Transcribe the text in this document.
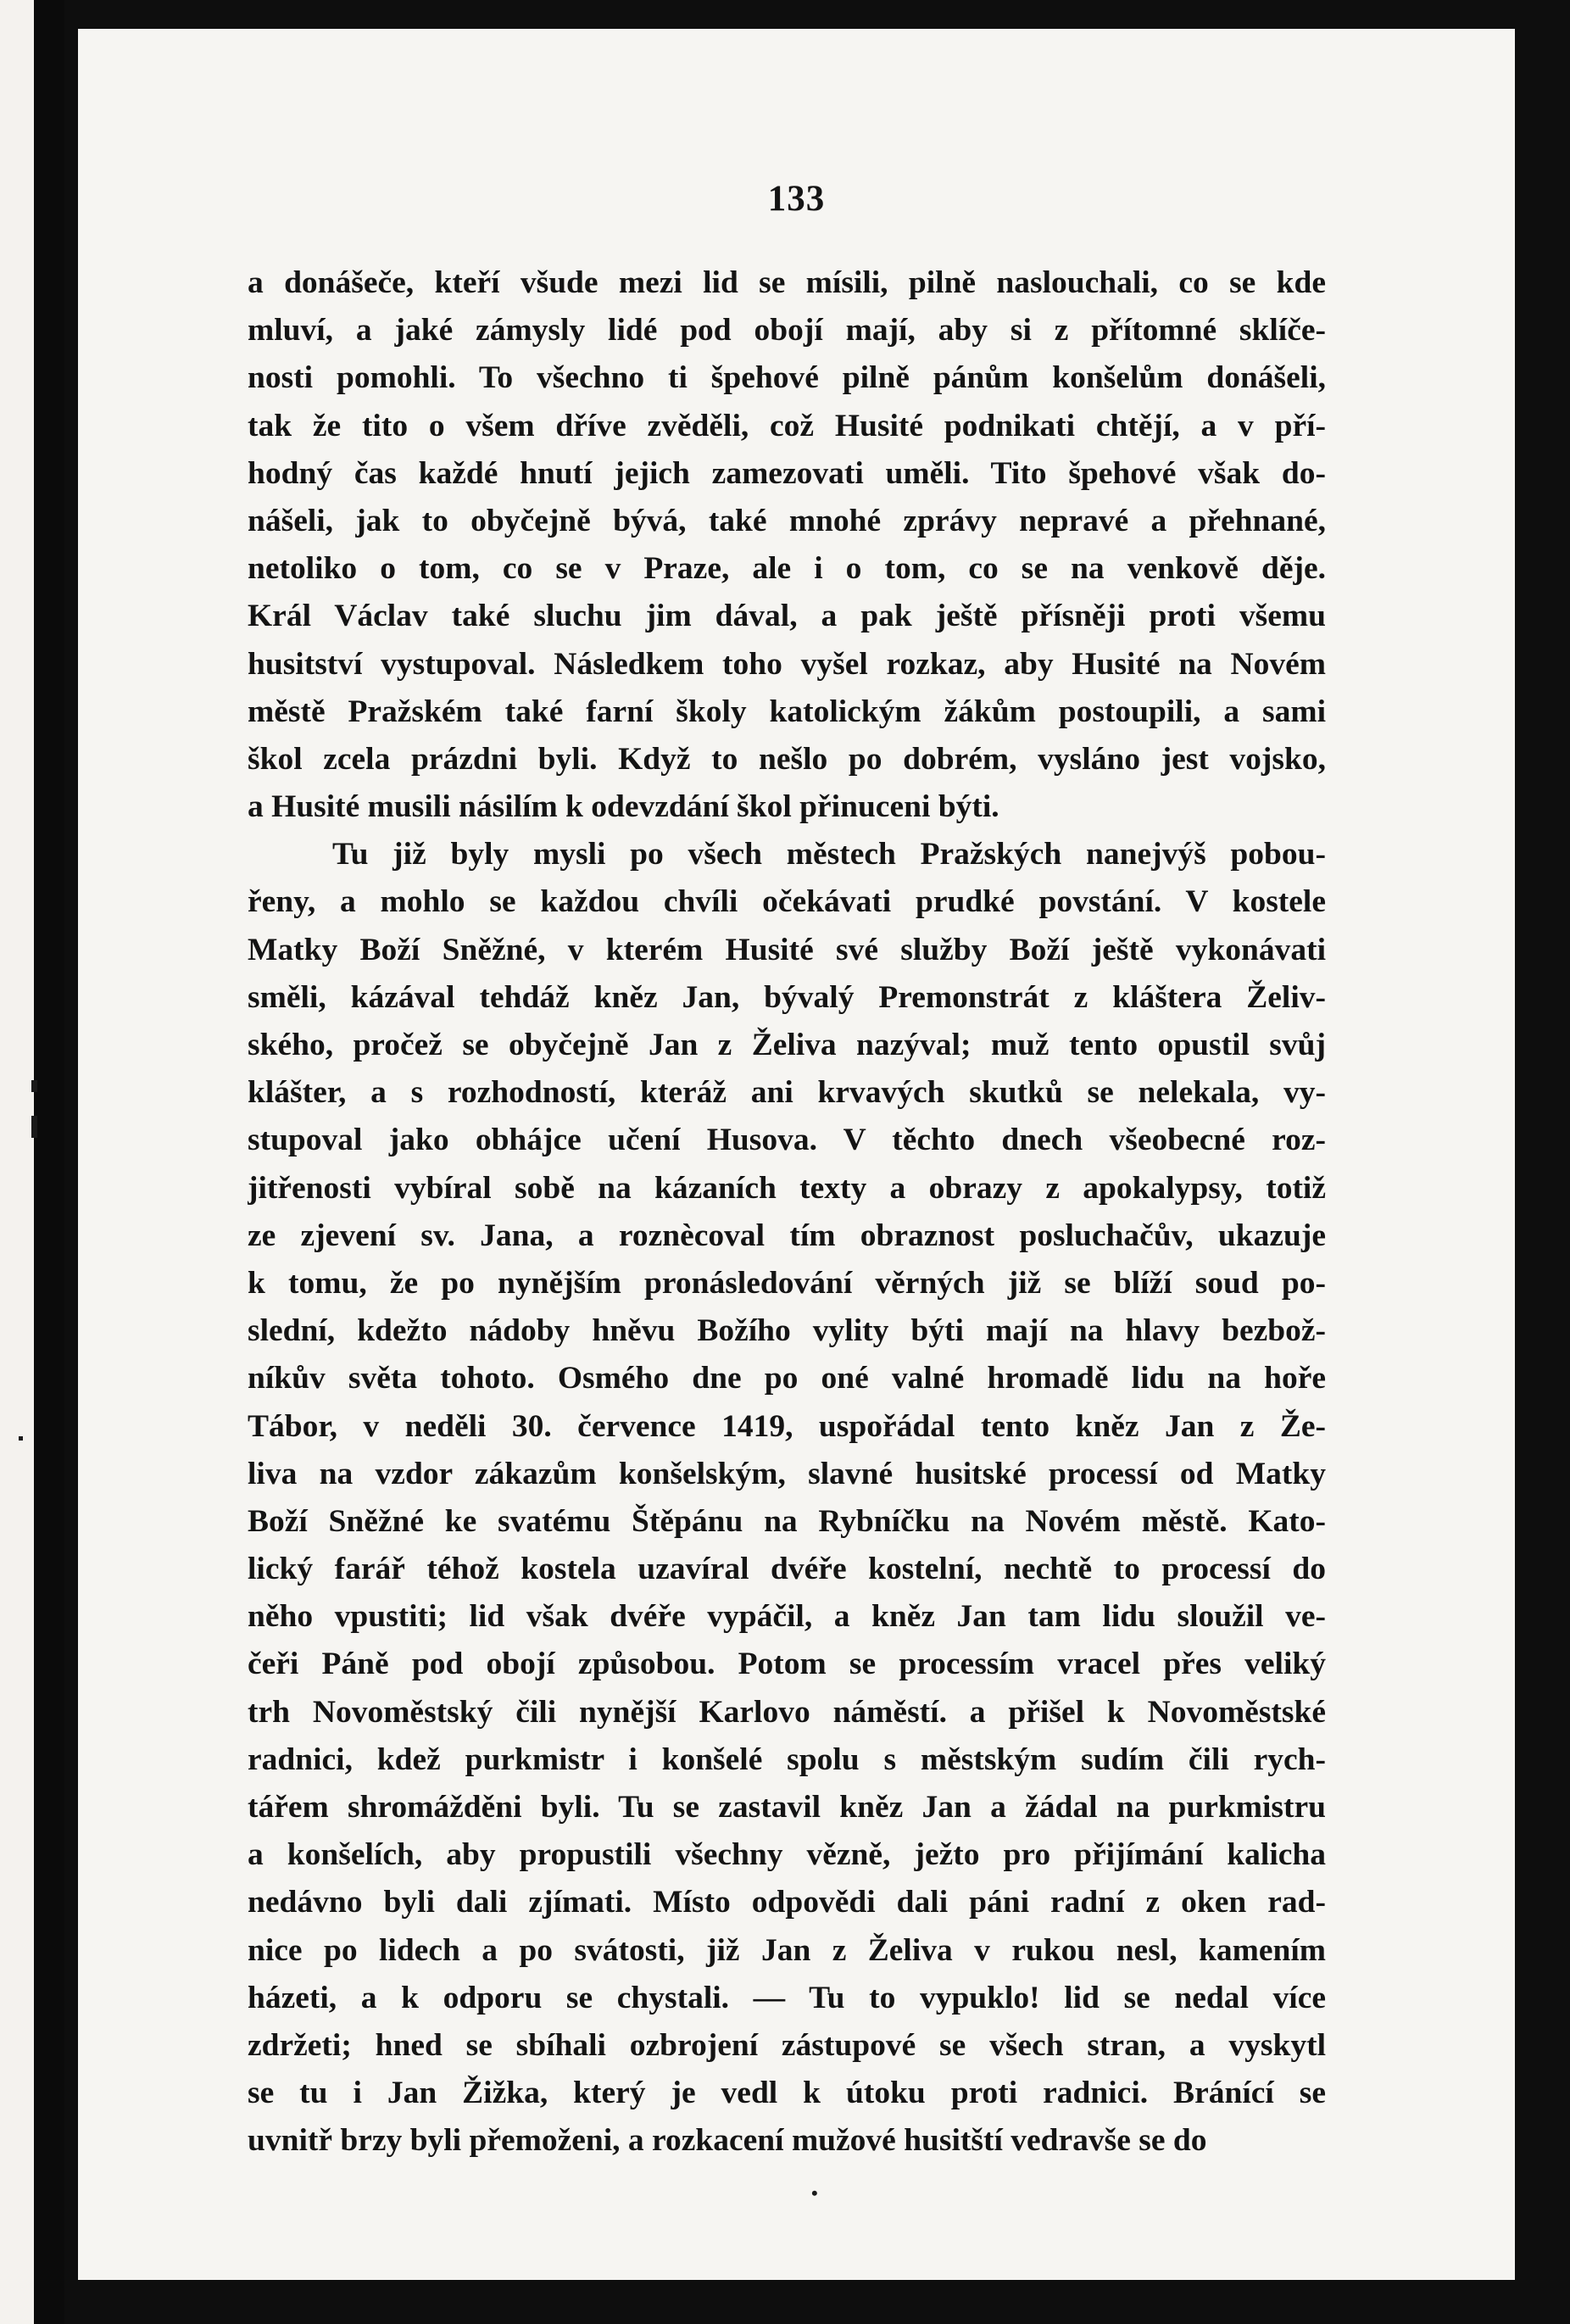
133
a donášeče, kteří všude mezi lid se mísili, pilně naslouchali, co se kde
mluví, a jaké zámysly lidé pod obojí mají, aby si z přítomné sklíče-
nosti pomohli. To všechno ti špehové pilně pánům konšelům donášeli,
tak že tito o všem dříve zvěděli, což Husité podnikati chtějí, a v pří-
hodný čas každé hnutí jejich zamezovati uměli. Tito špehové však do-
nášeli, jak to obyčejně bývá, také mnohé zprávy nepravé a přehnané,
netoliko o tom, co se v Praze, ale i o tom, co se na venkově děje.
Král Václav také sluchu jim dával, a pak ještě přísněji proti všemu
husitství vystupoval. Následkem toho vyšel rozkaz, aby Husité na Novém
městě Pražském také farní školy katolickým žákům postoupili, a sami
škol zcela prázdni byli. Když to nešlo po dobrém, vysláno jest vojsko,
a Husité musili násilím k odevzdání škol přinuceni býti.
Tu již byly mysli po všech městech Pražských nanejvýš pobou-
řeny, a mohlo se každou chvíli očekávati prudké povstání. V kostele
Matky Boží Sněžné, v kterém Husité své služby Boží ještě vykonávati
směli, kázával tehdáž kněz Jan, bývalý Premonstrát z kláštera Želiv-
ského, pročež se obyčejně Jan z Želiva nazýval; muž tento opustil svůj
klášter, a s rozhodností, kteráž ani krvavých skutků se nelekala, vy-
stupoval jako obhájce učení Husova. V těchto dnech všeobecné roz-
jitřenosti vybíral sobě na kázaních texty a obrazy z apokalypsy, totiž
ze zjevení sv. Jana, a roznècoval tím obraznost posluchačův, ukazuje
k tomu, že po nynějším pronásledování věrných již se blíží soud po-
slední, kdežto nádoby hněvu Božího vylity býti mají na hlavy bezbož-
níkův světa tohoto. Osmého dne po oné valné hromadě lidu na hoře
Tábor, v neděli 30. července 1419, uspořádal tento kněz Jan z Že-
liva na vzdor zákazům konšelským, slavné husitské processí od Matky
Boží Sněžné ke svatému Štěpánu na Rybníčku na Novém městě. Kato-
lický farář téhož kostela uzavíral dvéře kostelní, nechtě to processí do
něho vpustiti; lid však dvéře vypáčil, a kněz Jan tam lidu sloužil ve-
čeři Páně pod obojí způsobou. Potom se processím vracel přes veliký
trh Novoměstský čili nynější Karlovo náměstí. a přišel k Novoměstské
radnici, kdež purkmistr i konšelé spolu s městským sudím čili rych-
tářem shromážděni byli. Tu se zastavil kněz Jan a žádal na purkmistru
a konšelích, aby propustili všechny vězně, ježto pro přijímání kalicha
nedávno byli dali zjímati. Místo odpovědi dali páni radní z oken rad-
nice po lidech a po svátosti, již Jan z Želiva v rukou nesl, kamením
házeti, a k odporu se chystali. — Tu to vypuklo! lid se nedal více
zdržeti; hned se sbíhali ozbrojení zástupové se všech stran, a vyskytl
se tu i Jan Žižka, který je vedl k útoku proti radnici. Bránící se
uvnitř brzy byli přemoženi, a rozkacení mužové husitští vedravše se do
•
